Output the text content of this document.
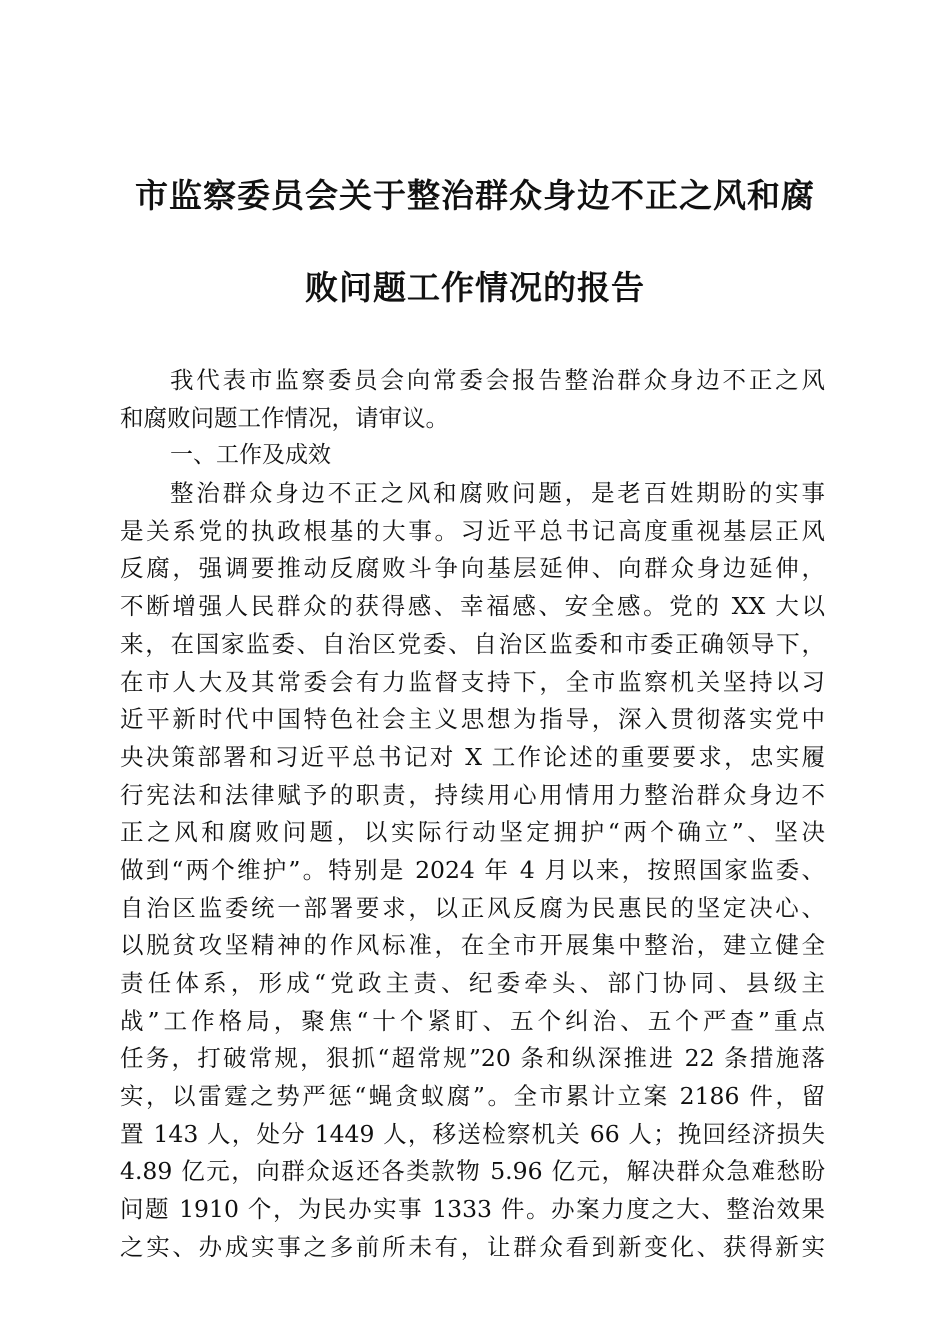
市监察委员会关于整治群众身边不正之风和腐
败问题工作情况的报告
我代表市监察委员会向常委会报告整治群众身边不正之风
和腐败问题工作情况，请审议。
一、工作及成效
整治群众身边不正之风和腐败问题，是老百姓期盼的实事
是关系党的执政根基的大事。习近平总书记高度重视基层正风
反腐，强调要推动反腐败斗争向基层延伸、向群众身边延伸，
不断增强人民群众的获得感、幸福感、安全感。党的 XX 大以
来，在国家监委、自治区党委、自治区监委和市委正确领导下，
在市人大及其常委会有力监督支持下，全市监察机关坚持以习
近平新时代中国特色社会主义思想为指导，深入贯彻落实党中
央决策部署和习近平总书记对 X 工作论述的重要要求，忠实履
行宪法和法律赋予的职责，持续用心用情用力整治群众身边不
正之风和腐败问题，以实际行动坚定拥护“两个确立”、坚决
做到“两个维护”。特别是 2024 年 4 月以来，按照国家监委、
自治区监委统一部署要求，以正风反腐为民惠民的坚定决心、
以脱贫攻坚精神的作风标准，在全市开展集中整治，建立健全
责任体系，形成“党政主责、纪委牵头、部门协同、县级主
战”工作格局，聚焦“十个紧盯、五个纠治、五个严查”重点
任务，打破常规，狠抓“超常规”20 条和纵深推进 22 条措施落
实，以雷霆之势严惩“蝇贪蚁腐”。全市累计立案 2186 件，留
置 143 人，处分 1449 人，移送检察机关 66 人；挽回经济损失
4.89 亿元，向群众返还各类款物 5.96 亿元，解决群众急难愁盼
问题 1910 个，为民办实事 1333 件。办案力度之大、整治效果
之实、办成实事之多前所未有，让群众看到新变化、获得新实
